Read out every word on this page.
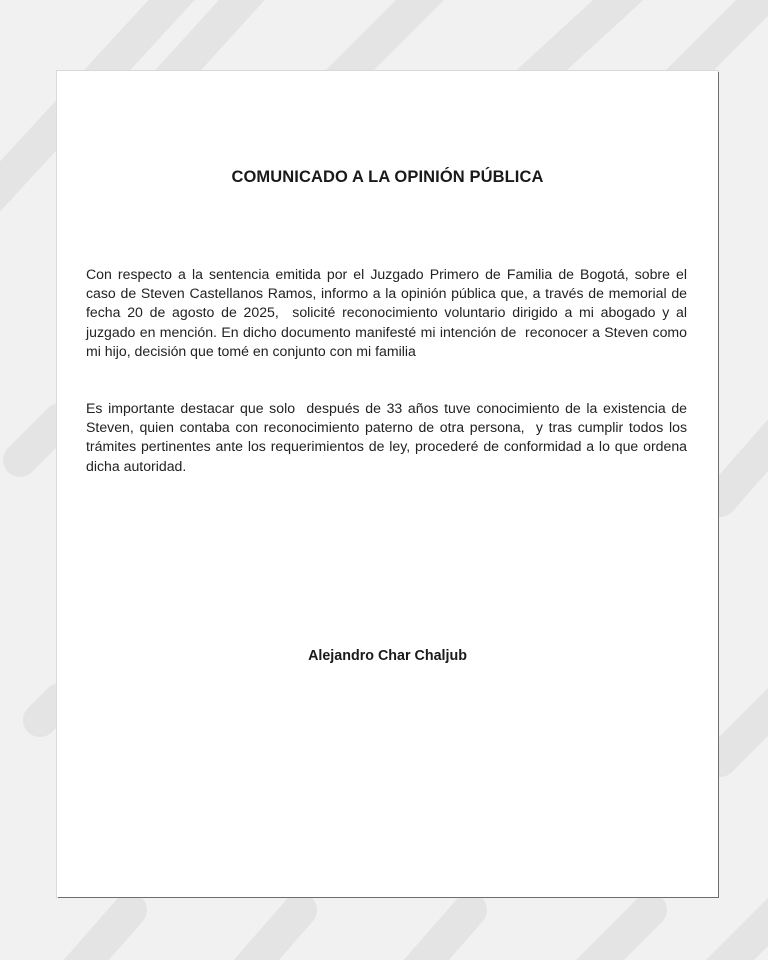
COMUNICADO A LA OPINIÓN PÚBLICA

Con respecto a la sentencia emitida por el Juzgado Primero de Familia de Bogotá, sobre el caso de Steven Castellanos Ramos, informo a la opinión pública que, a través de memorial de fecha 20 de agosto de 2025,  solicité reconocimiento voluntario dirigido a mi abogado y al juzgado en mención. En dicho documento manifesté mi intención de  reconocer a Steven como mi hijo, decisión que tomé en conjunto con mi familia

Es importante destacar que solo  después de 33 años tuve conocimiento de la existencia de Steven, quien contaba con reconocimiento paterno de otra persona,  y tras cumplir todos los trámites pertinentes ante los requerimientos de ley, procederé de conformidad a lo que ordena dicha autoridad.

Alejandro Char Chaljub
